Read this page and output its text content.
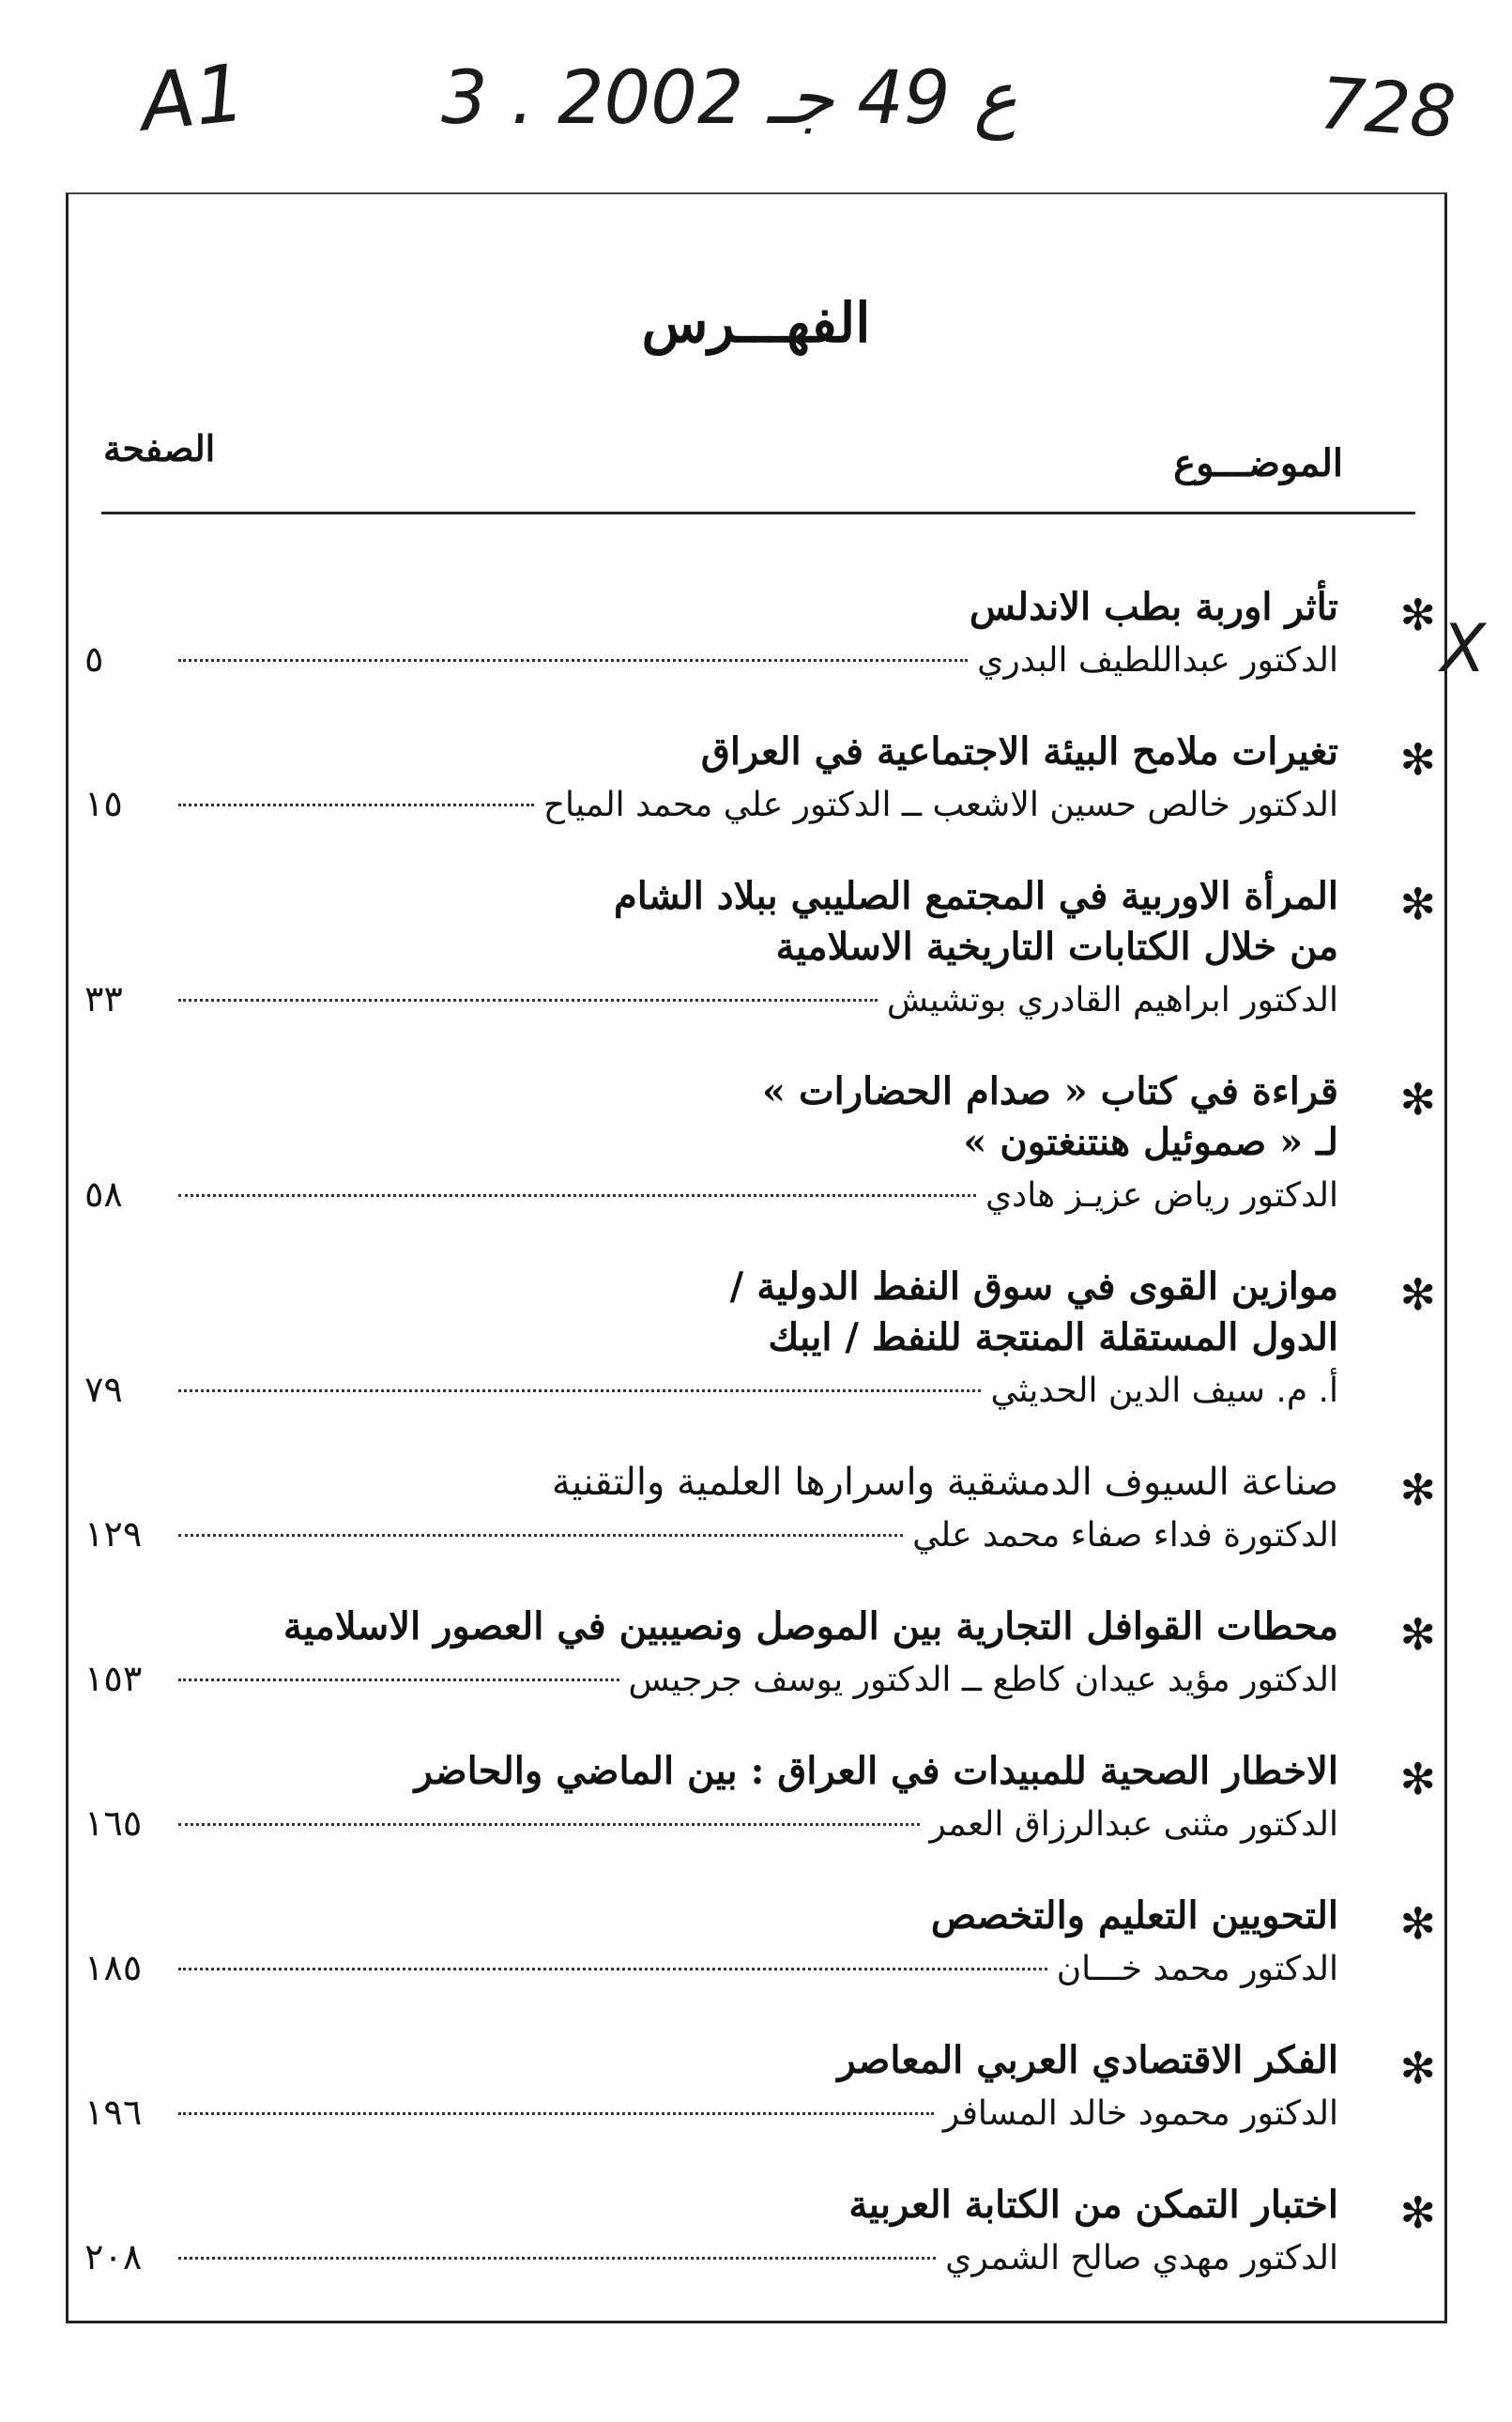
A1	3 . ع 49 جـ 2002	728
X
الفهـــرس
الموضـــوع
الصفحة
✻
تأثر اوربة بطب الاندلس
الدكتور عبداللطيف البدري
٥
✻
تغيرات ملامح البيئة الاجتماعية في العراق
الدكتور خالص حسين الاشعب ــ الدكتور علي محمد المياح
١٥
✻
المرأة الاوربية في المجتمع الصليبي ببلاد الشام
من خلال الكتابات التاريخية الاسلامية
الدكتور ابراهيم القادري بوتشيش
٣٣
✻
قراءة في كتاب « صدام الحضارات »
لـ « صموئيل هنتنغتون »
الدكتور رياض عزيـز هادي
٥٨
✻
موازين القوى في سوق النفط الدولية /
الدول المستقلة المنتجة للنفط / ايبك
أ. م. سيف الدين الحديثي
٧٩
✻
صناعة السيوف الدمشقية واسرارها العلمية والتقنية
الدكتورة فداء صفاء محمد علي
١٢٩
✻
محطات القوافل التجارية بين الموصل ونصيبين في العصور الاسلامية
الدكتور مؤيد عيدان كاطع ــ الدكتور يوسف جرجيس
١٥٣
✻
الاخطار الصحية للمبيدات في العراق : بين الماضي والحاضر
الدكتور مثنى عبدالرزاق العمر
١٦٥
✻
التحويين التعليم والتخصص
الدكتور محمد خـــان
١٨٥
✻
الفكر الاقتصادي العربي المعاصر
الدكتور محمود خالد المسافر
١٩٦
✻
اختبار التمكن من الكتابة العربية
الدكتور مهدي صالح الشمري
٢٠٨
